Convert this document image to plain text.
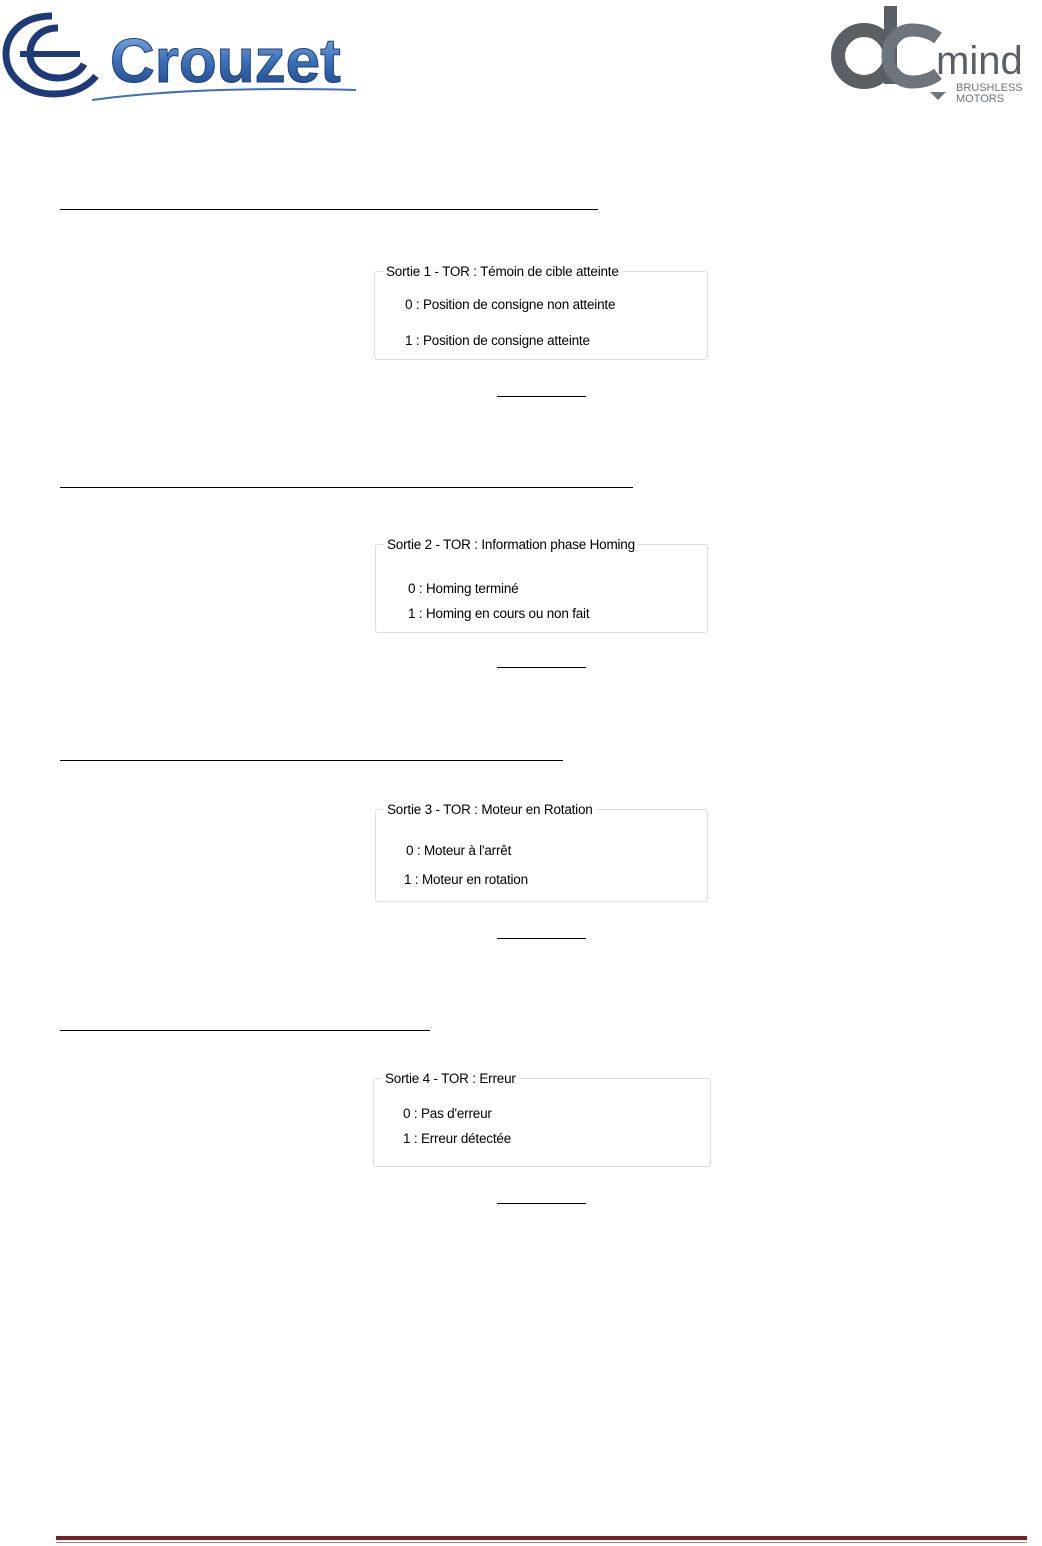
Crouzet	mind
BRUSHLESS
MOTORS
Sortie 1 - TOR : Témoin de cible atteinte
0 : Position de consigne non atteinte
1 : Position de consigne atteinte
Sortie 2 - TOR : Information phase Homing
0 : Homing terminé
1 : Homing en cours ou non fait
Sortie 3 - TOR : Moteur en Rotation
0 : Moteur à l'arrêt
1 : Moteur en rotation
Sortie 4 - TOR : Erreur
0 : Pas d'erreur
1 : Erreur détectée
